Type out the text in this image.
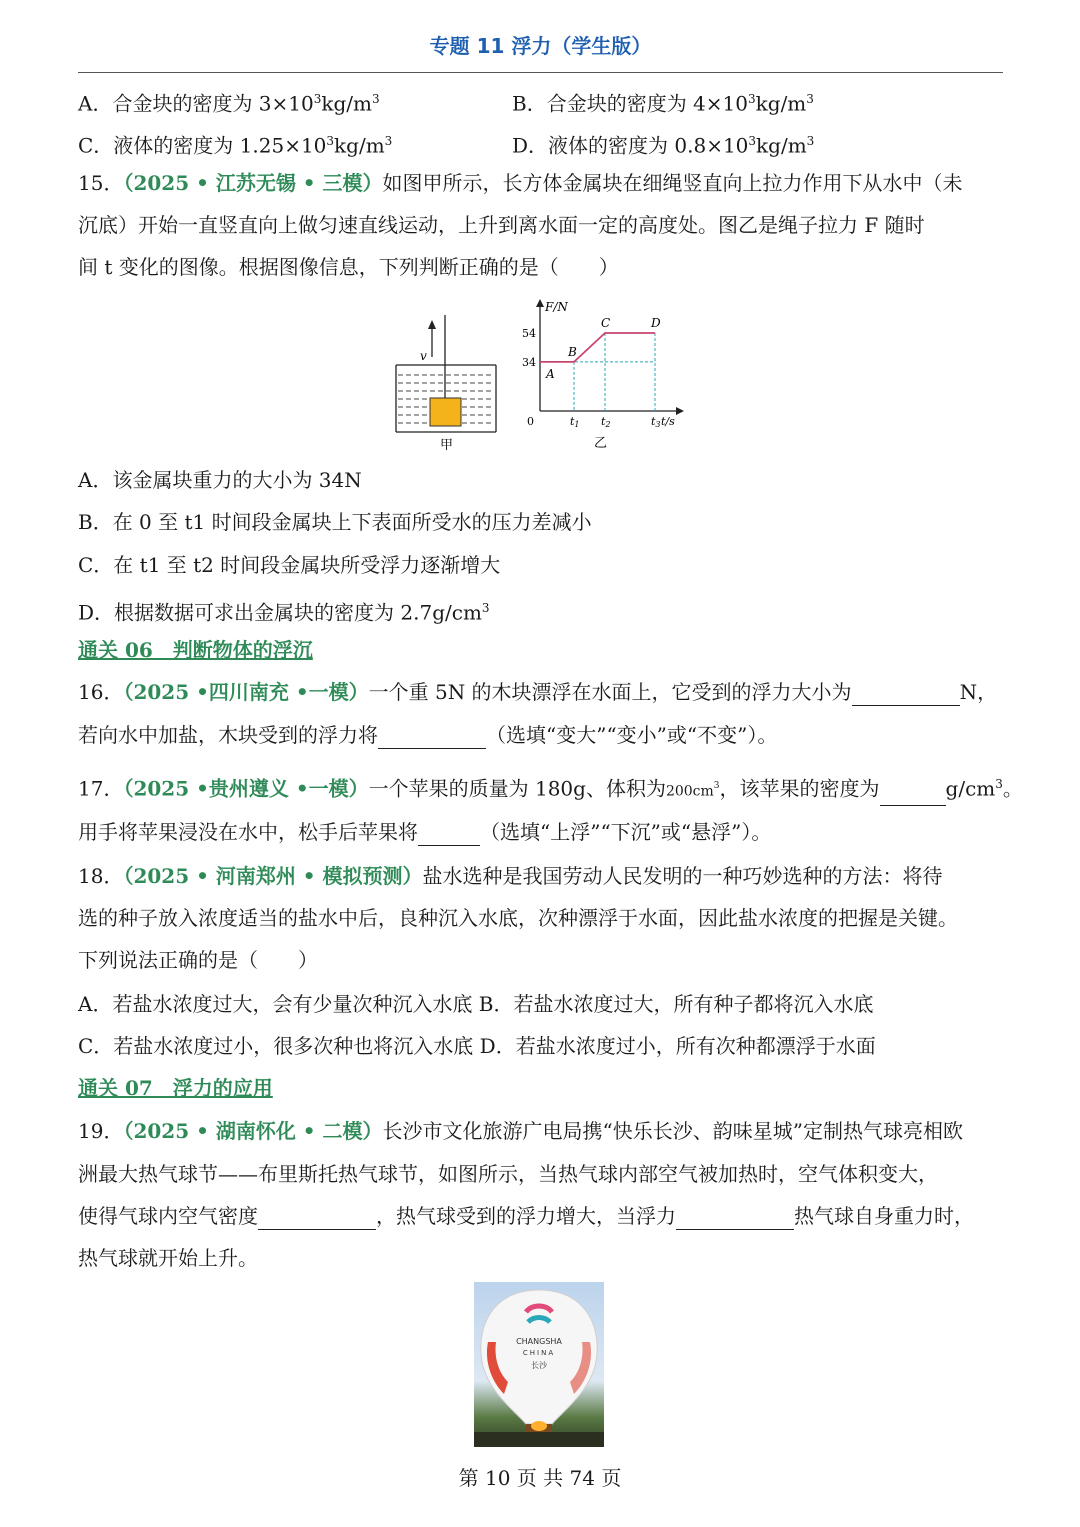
专题 11 浮力（学生版）
A．合金块的密度为 $3\times 10^3kg/m^3$	B．合金块的密度为 $4\times 10^3kg/m^3$
C．液体的密度为 $1.25\times 10^3kg/m^3$	D．液体的密度为 $0.8\times 10^3kg/m^3$
15．（2025 • 江苏无锡 • 三模）如图甲所示，长方体金属块在细绳竖直向上拉力作用下从水中（未
沉底）开始一直竖直向上做匀速直线运动，上升到离水面一定的高度处。图乙是绳子拉力 F 随时
间 t 变化的图像。根据图像信息，下列判断正确的是（　　）
v
甲
F/N
t/s
0
34
54
t1 t2	t3
A
B
C	D
乙
A．该金属块重力的大小为 34N
B．在 0 至 t1 时间段金属块上下表面所受水的压力差减小
C．在 t1 至 t2 时间段金属块所受浮力逐渐增大
D．根据数据可求出金属块的密度为 $2.7g/cm^3$
通关 06　判断物体的浮沉
16．（2025 •四川南充 •一模）一个重 5N 的木块漂浮在水面上，它受到的浮力大小为	N，
若向水中加盐，木块受到的浮力将	（选填“变大”“变小”或“不变”）。
17．（2025 •贵州遵义 •一模）一个苹果的质量为 180g、体积为$200cm^3$，该苹果的密度为	$g/cm^3$。
用手将苹果浸没在水中，松手后苹果将	（选填“上浮”“下沉”或“悬浮”）。
18．（2025 • 河南郑州 • 模拟预测）盐水选种是我国劳动人民发明的一种巧妙选种的方法：将待
选的种子放入浓度适当的盐水中后，良种沉入水底，次种漂浮于水面，因此盐水浓度的把握是关键。
下列说法正确的是（　　）
A．若盐水浓度过大，会有少量次种沉入水底 B．若盐水浓度过大，所有种子都将沉入水底
C．若盐水浓度过小，很多次种也将沉入水底 D．若盐水浓度过小，所有次种都漂浮于水面
通关 07　浮力的应用
19．（2025 • 湖南怀化 • 二模）长沙市文化旅游广电局携“快乐长沙、韵味星城”定制热气球亮相欧
洲最大热气球节——布里斯托热气球节，如图所示，当热气球内部空气被加热时，空气体积变大，
使得气球内空气密度	，热气球受到的浮力增大，当浮力	热气球自身重力时，
热气球就开始上升。
CHANGSHA
CHINA
长沙
第 10 页 共 74 页
